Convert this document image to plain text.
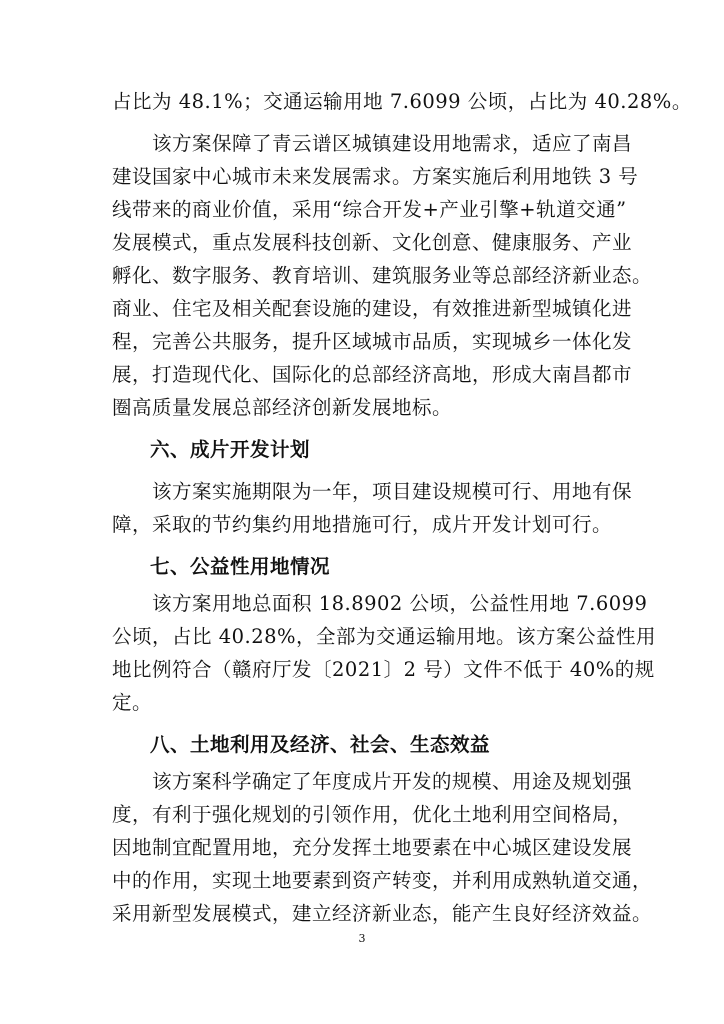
占比为 48.1%；交通运输用地 7.6099 公顷，占比为 40.28%。
　　该方案保障了青云谱区城镇建设用地需求，适应了南昌
建设国家中心城市未来发展需求。方案实施后利用地铁 3 号
线带来的商业价值，采用“综合开发+产业引擎+轨道交通”
发展模式，重点发展科技创新、文化创意、健康服务、产业
孵化、数字服务、教育培训、建筑服务业等总部经济新业态。
商业、住宅及相关配套设施的建设，有效推进新型城镇化进
程，完善公共服务，提升区域城市品质，实现城乡一体化发
展，打造现代化、国际化的总部经济高地，形成大南昌都市
圈高质量发展总部经济创新发展地标。
六、成片开发计划
　　该方案实施期限为一年，项目建设规模可行、用地有保
障，采取的节约集约用地措施可行，成片开发计划可行。
七、公益性用地情况
　　该方案用地总面积 18.8902 公顷，公益性用地 7.6099
公顷，占比 40.28%，全部为交通运输用地。该方案公益性用
地比例符合（赣府厅发〔2021〕2 号）文件不低于 40%的规
定。
八、土地利用及经济、社会、生态效益
　　该方案科学确定了年度成片开发的规模、用途及规划强
度，有利于强化规划的引领作用，优化土地利用空间格局，
因地制宜配置用地，充分发挥土地要素在中心城区建设发展
中的作用，实现土地要素到资产转变，并利用成熟轨道交通，
采用新型发展模式，建立经济新业态，能产生良好经济效益。
3
